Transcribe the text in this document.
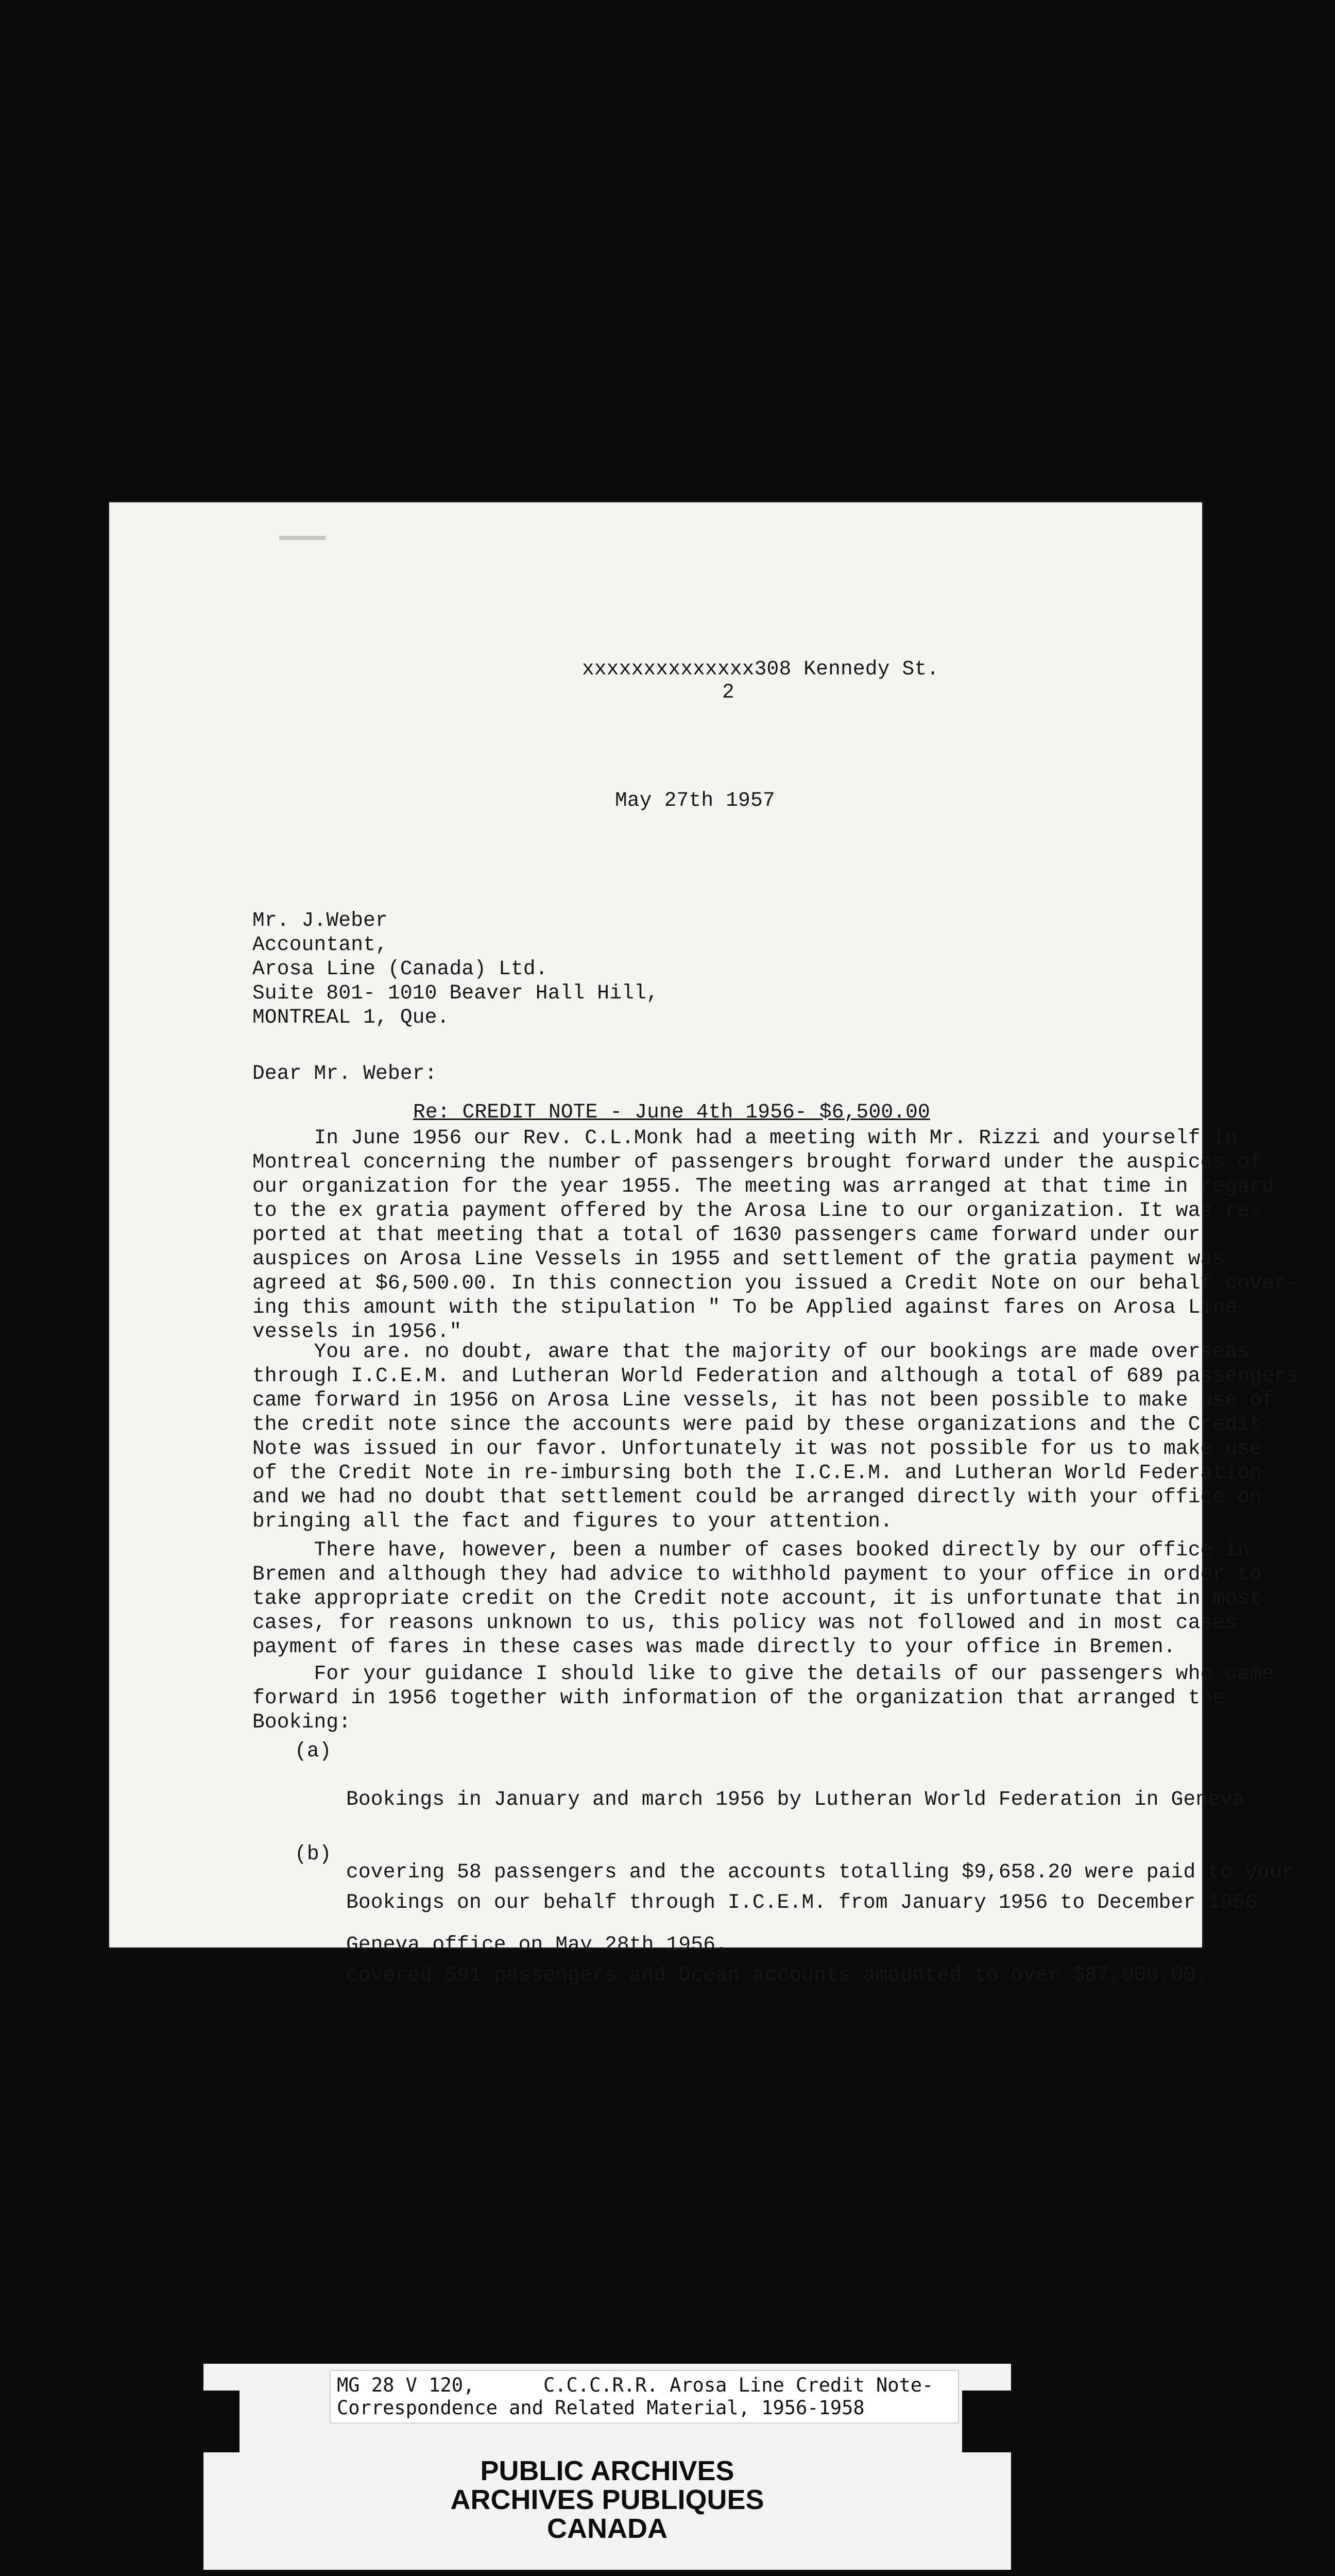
xxxxxxxxxxxxxx308 Kennedy St.
2
May 27th 1957
Mr. J.Weber
Accountant,
Arosa Line (Canada) Ltd.
Suite 801- 1010 Beaver Hall Hill,
MONTREAL 1, Que.
Dear Mr. Weber:
Re: CREDIT NOTE - June 4th 1956- $6,500.00
In June 1956 our Rev. C.L.Monk had a meeting with Mr. Rizzi and yourself in
Montreal concerning the number of passengers brought forward under the auspices of
our organization for the year 1955. The meeting was arranged at that time in regard
to the ex gratia payment offered by the Arosa Line to our organization. It was re-
ported at that meeting that a total of 1630 passengers came forward under our
auspices on Arosa Line Vessels in 1955 and settlement of the gratia payment was
agreed at $6,500.00. In this connection you issued a Credit Note on our behalf cover-
ing this amount with the stipulation " To be Applied against fares on Arosa Line
vessels in 1956."
You are. no doubt, aware that the majority of our bookings are made overseas
through I.C.E.M. and Lutheran World Federation and although a total of 689 passengers
came forward in 1956 on Arosa Line vessels, it has not been possible to make use of
the credit note since the accounts were paid by these organizations and the Credit
Note was issued in our favor. Unfortunately it was not possible for us to make use
of the Credit Note in re-imbursing both the I.C.E.M. and Lutheran World Federation
and we had no doubt that settlement could be arranged directly with your office on
bringing all the fact and figures to your attention.
There have, however, been a number of cases booked directly by our office in
Bremen and although they had advice to withhold payment to your office in order to
take appropriate credit on the Credit note account, it is unfortunate that in most
cases, for reasons unknown to us, this policy was not followed and in most cases
payment of fares in these cases was made directly to your office in Bremen.
For your guidance I should like to give the details of our passengers who came
forward in 1956 together with information of the organization that arranged the
Booking:
(a)

Bookings in January and march 1956 by Lutheran World Federation in Geneva

covering 58 passengers and the accounts totalling $9,658.20 were paid to your

Geneva office on May 28th 1956.

(b)

Bookings on our behalf through I.C.E.M. from January 1956 to December 1956

covered 591 passengers and Ocean accounts amounted to over $87,000.00.

MG 28 V 120,      C.C.C.R.R. Arosa Line Credit Note-
Correspondence and Related Material, 1956-1958
PUBLIC ARCHIVES
ARCHIVES PUBLIQUES
CANADA
